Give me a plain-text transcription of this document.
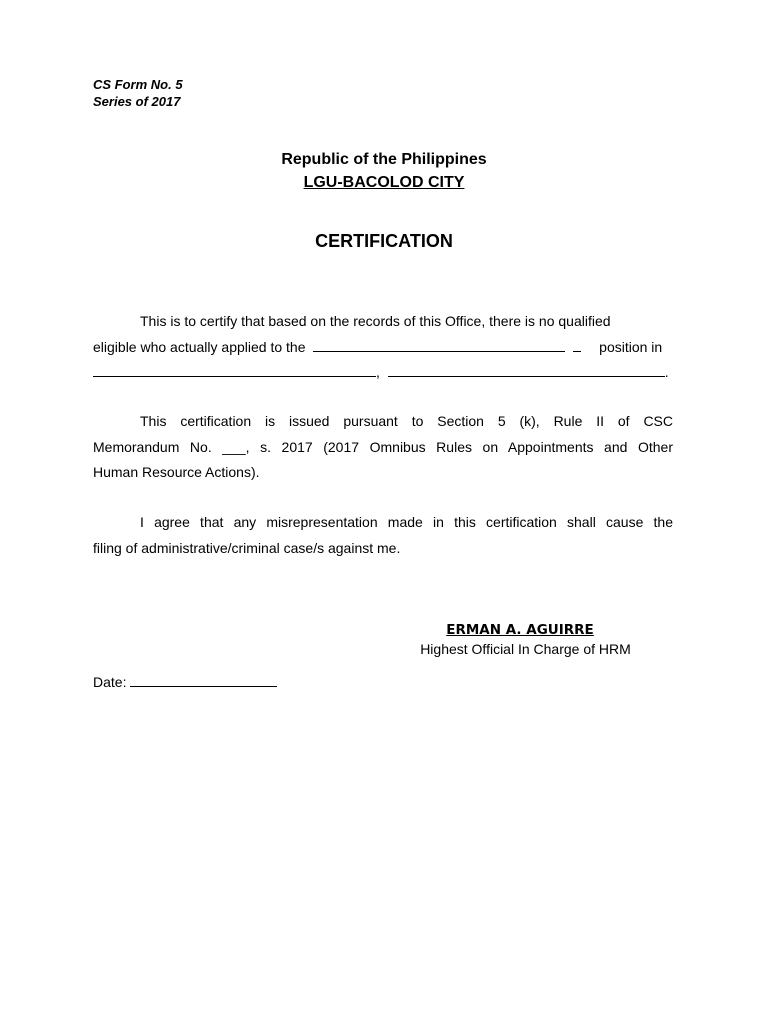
CS Form No. 5
Series of 2017
Republic of the Philippines
LGU-BACOLOD CITY
CERTIFICATION
This is to certify that based on the records of this Office, there is no qualified
eligible who actually applied to the	position in
,	.
This certification is issued pursuant to Section 5 (k), Rule II of CSC
Memorandum No. ___, s. 2017 (2017 Omnibus Rules on Appointments and Other
Human Resource Actions).
I agree that any misrepresentation made in this certification shall cause the
filing of administrative/criminal case/s against me.
ERMAN A. AGUIRRE
Highest Official In Charge of HRM
Date:
